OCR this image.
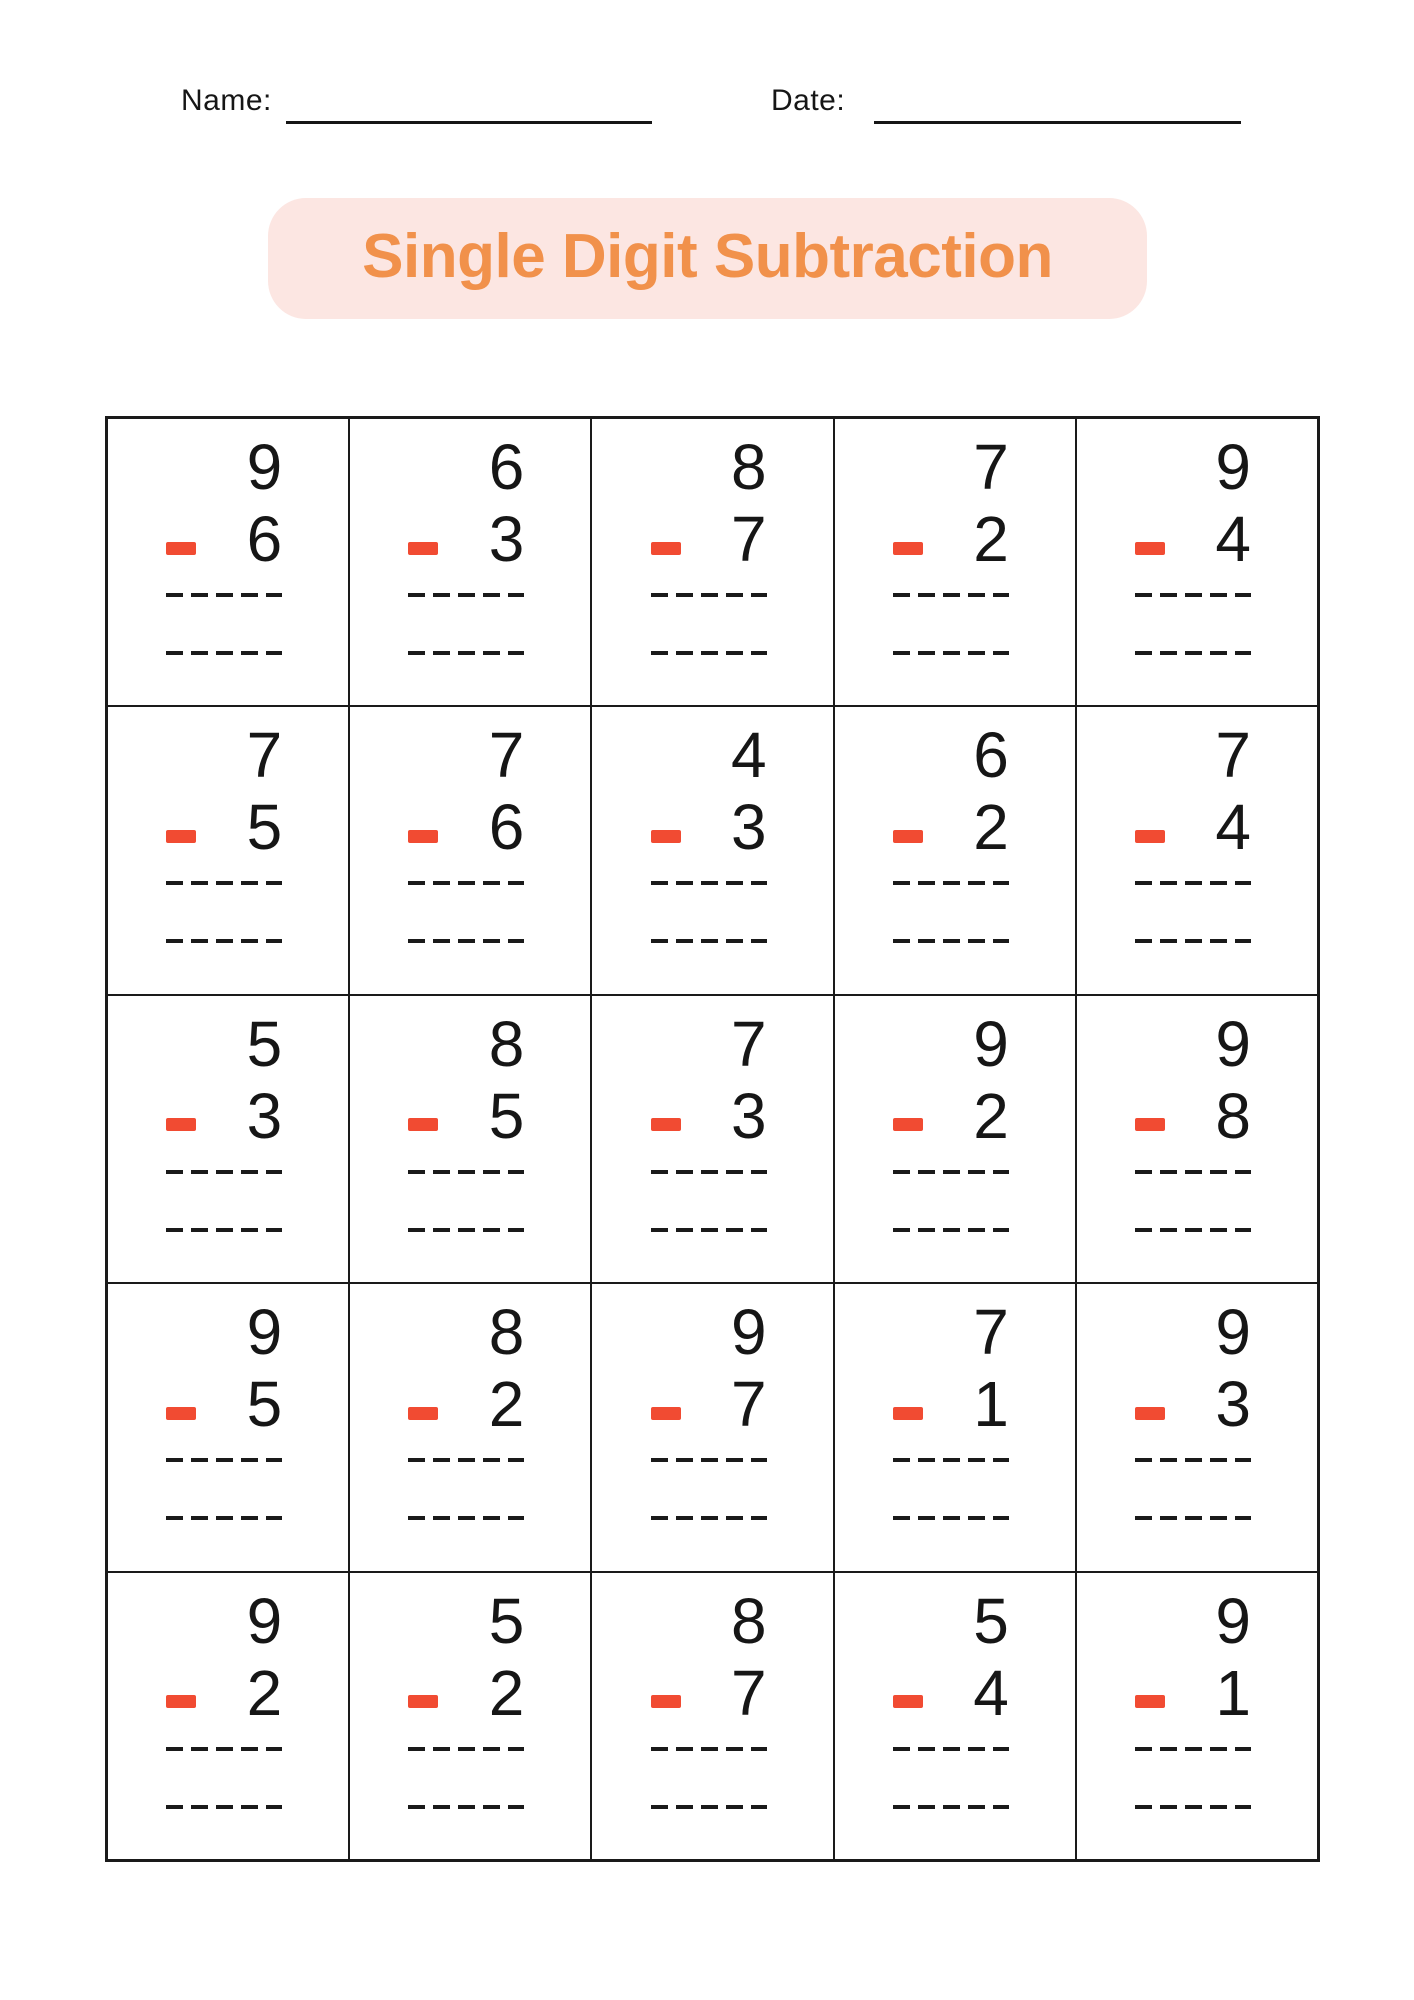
Name:	Date:
Single Digit Subtraction
9
6
6
3
8
7
7
2
9
4
7
5
7
6
4
3
6
2
7
4
5
3
8
5
7
3
9
2
9
8
9
5
8
2
9
7
7
1
9
3
9
2
5
2
8
7
5
4
9
1
